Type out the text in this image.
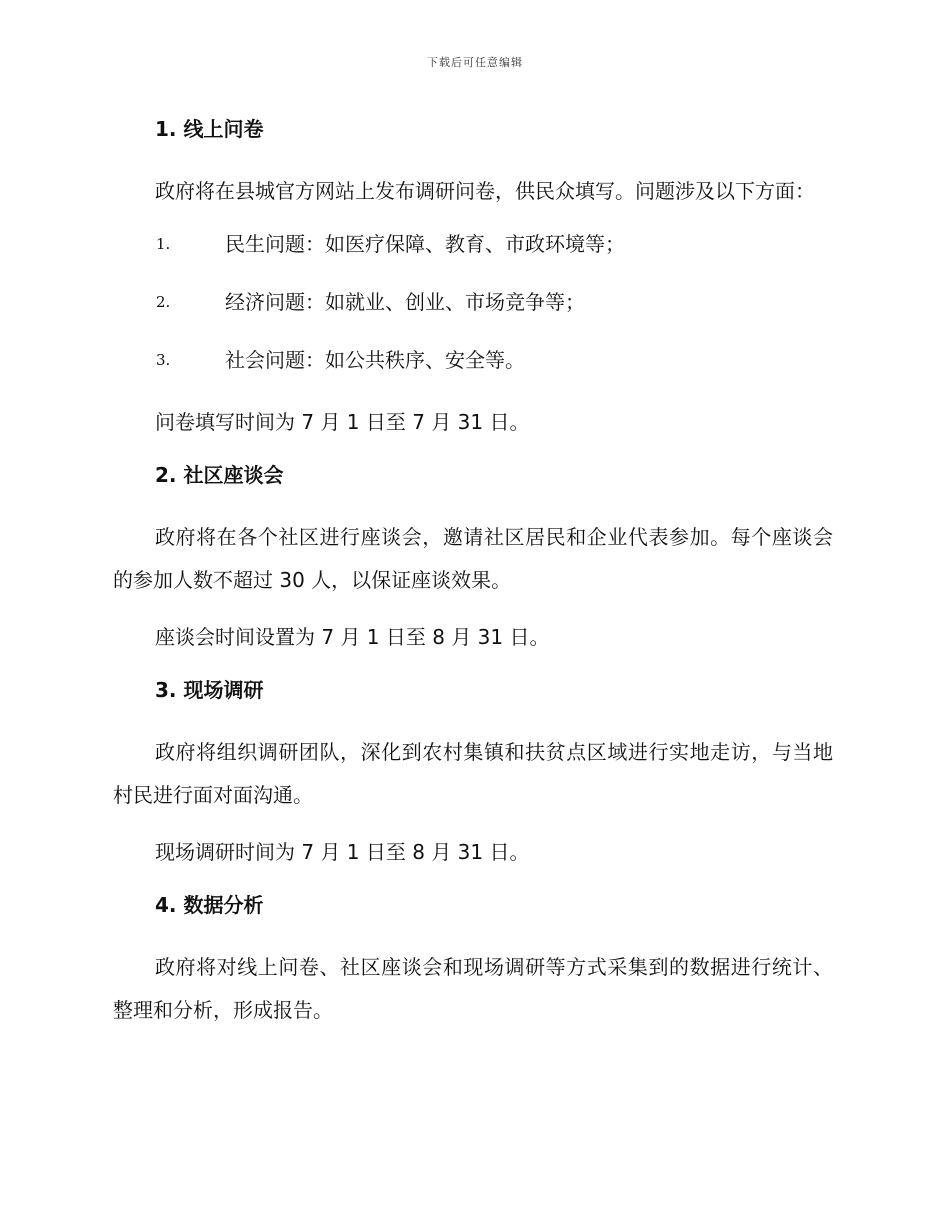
下载后可任意编辑
1. 线上问卷
政府将在县城官方网站上发布调研问卷，供民众填写。问题涉及以下方面：
1.	民生问题：如医疗保障、教育、市政环境等；
2.	经济问题：如就业、创业、市场竞争等；
3.	社会问题：如公共秩序、安全等。
问卷填写时间为 7 月 1 日至 7 月 31 日。
2. 社区座谈会
政府将在各个社区进行座谈会，邀请社区居民和企业代表参加。每个座谈会的参加人数不超过 30 人，以保证座谈效果。
座谈会时间设置为 7 月 1 日至 8 月 31 日。
3. 现场调研
政府将组织调研团队，深化到农村集镇和扶贫点区域进行实地走访，与当地村民进行面对面沟通。
现场调研时间为 7 月 1 日至 8 月 31 日。
4. 数据分析
政府将对线上问卷、社区座谈会和现场调研等方式采集到的数据进行统计、整理和分析，形成报告。
